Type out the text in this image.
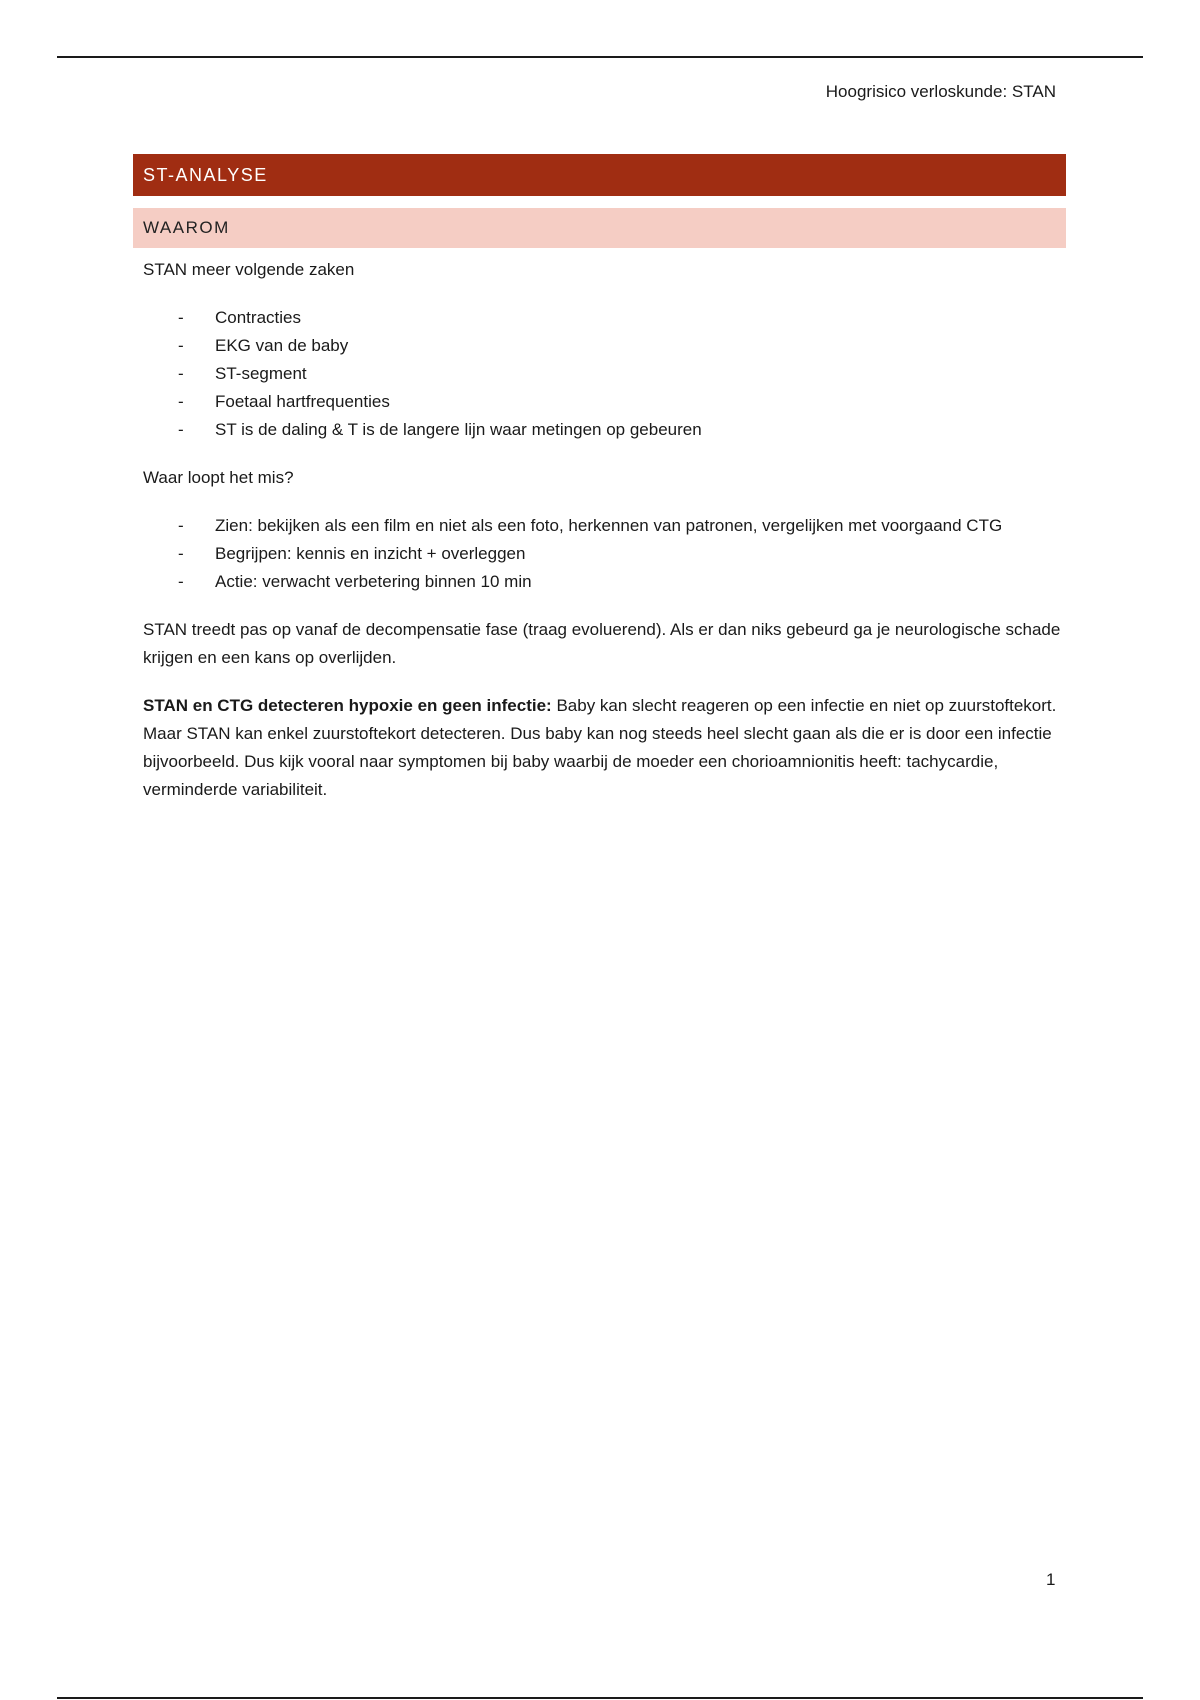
Hoogrisico verloskunde: STAN
ST-ANALYSE
WAAROM

STAN meer volgende zaken

- Contracties
- EKG van de baby
- ST-segment
- Foetaal hartfrequenties
- ST is de daling & T is de langere lijn waar metingen op gebeuren

Waar loopt het mis?

- Zien: bekijken als een film en niet als een foto, herkennen van patronen, vergelijken met voorgaand CTG
- Begrijpen: kennis en inzicht + overleggen
- Actie: verwacht verbetering binnen 10 min

STAN treedt pas op vanaf de decompensatie fase (traag evoluerend). Als er dan niks gebeurd ga je neurologische schade krijgen en een kans op overlijden.

STAN en CTG detecteren hypoxie en geen infectie: Baby kan slecht reageren op een infectie en niet op zuurstoftekort. Maar STAN kan enkel zuurstoftekort detecteren. Dus baby kan nog steeds heel slecht gaan als die er is door een infectie bijvoorbeeld. Dus kijk vooral naar symptomen bij baby waarbij de moeder een chorioamnionitis heeft: tachycardie, verminderde variabiliteit.

1
